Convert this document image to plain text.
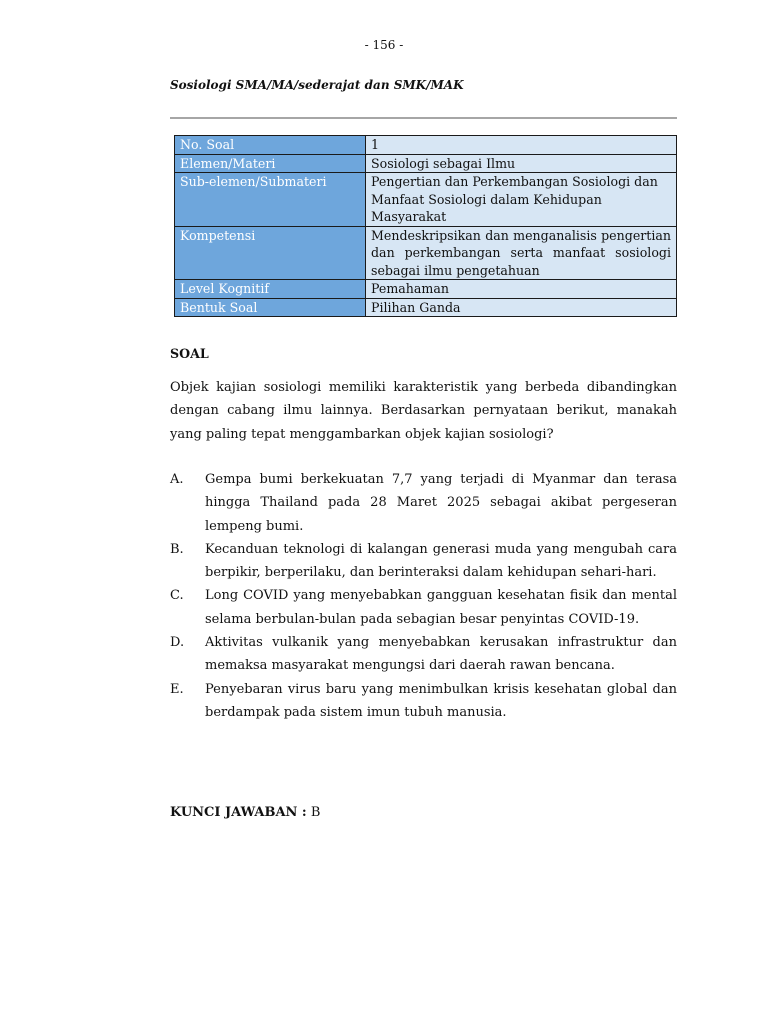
- 156 -
Sosiologi SMA/MA/sederajat dan SMK/MAK
No. Soal	1
Elemen/Materi	Sosiologi sebagai Ilmu
Sub-elemen/Submateri	Pengertian dan Perkembangan Sosiologi dan Manfaat Sosiologi dalam Kehidupan Masyarakat
Kompetensi	Mendeskripsikan dan menganalisis pengertian dan perkembangan serta manfaat sosiologi sebagai ilmu pengetahuan
Level Kognitif	Pemahaman
Bentuk Soal	Pilihan Ganda
SOAL

Objek kajian sosiologi memiliki karakteristik yang berbeda dibandingkan dengan cabang ilmu lainnya. Berdasarkan pernyataan berikut, manakah yang paling tepat menggambarkan objek kajian sosiologi?

A.	Gempa bumi berkekuatan 7,7 yang terjadi di Myanmar dan terasa hingga Thailand pada 28 Maret 2025 sebagai akibat pergeseran lempeng bumi.
B.	Kecanduan teknologi di kalangan generasi muda yang mengubah cara berpikir, berperilaku, dan berinteraksi dalam kehidupan sehari-hari.
C.	Long COVID yang menyebabkan gangguan kesehatan fisik dan mental selama berbulan-bulan pada sebagian besar penyintas COVID-19.
D.	Aktivitas vulkanik yang menyebabkan kerusakan infrastruktur dan memaksa masyarakat mengungsi dari daerah rawan bencana.
E.	Penyebaran virus baru yang menimbulkan krisis kesehatan global dan berdampak pada sistem imun tubuh manusia.
KUNCI JAWABAN : B
